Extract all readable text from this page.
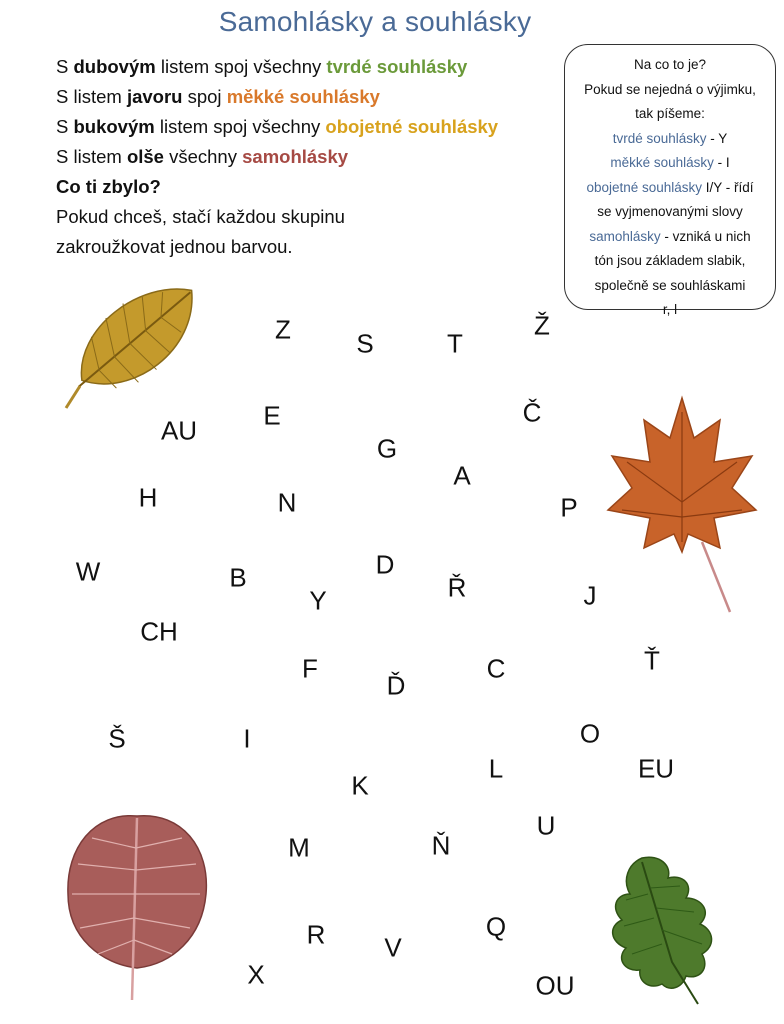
Samohlásky a souhlásky
S dubovým listem spoj všechny tvrdé souhlásky
S listem javoru spoj měkké souhlásky
S bukovým listem spoj všechny obojetné souhlásky
S listem olše všechny samohlásky
Co ti zbylo?
Pokud chceš, stačí každou skupinu
zakroužkovat jednou barvou.
Na co to je?
Pokud se nejedná o výjimku,
tak píšeme:
tvrdé souhlásky - Y
měkké souhlásky - I
obojetné souhlásky I/Y - řídí
se vyjmenovanými slovy
samohlásky - vzniká u nich
tón jsou základem slabik,
společně se souhláskami
r, l
Z	S	T
Ž
AU	E	Č
G
A
H	N	P
W	B	D
Ř	J
Y
CH
F	Ť
C
Ď
O
Š	I
L	EU
K
U
M	Ň
R	Q
V
X	OU
